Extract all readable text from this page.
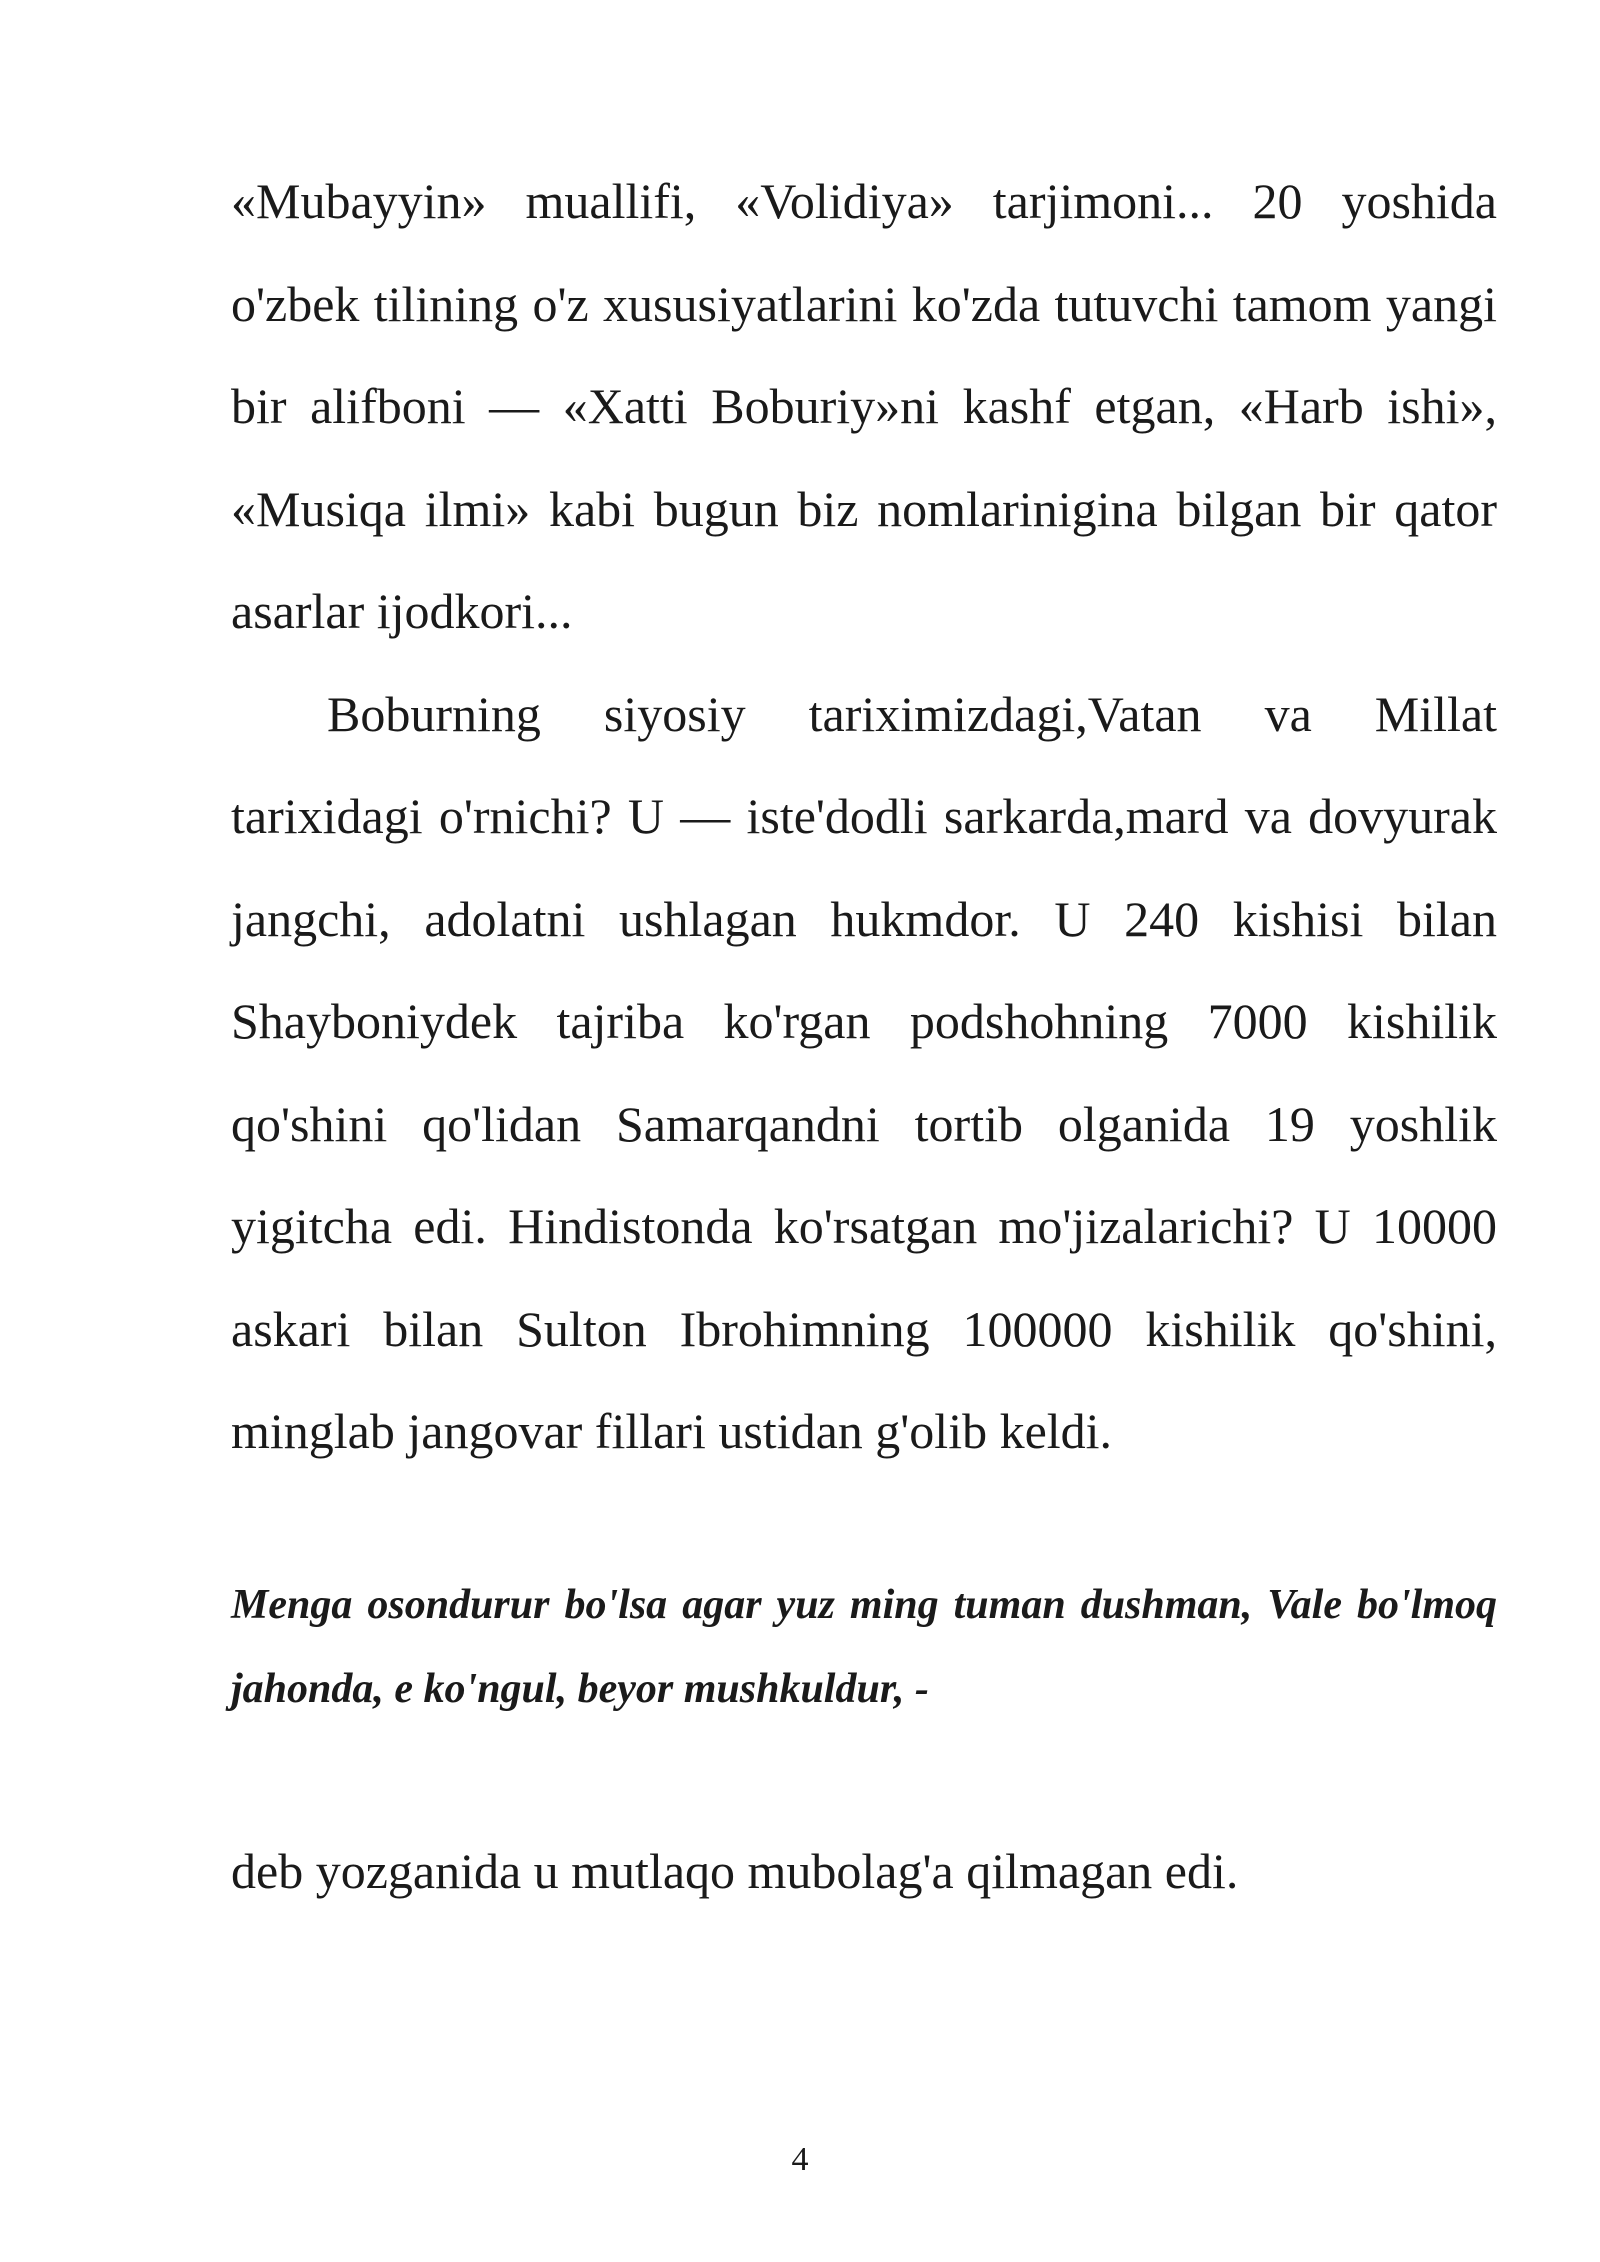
«Mubayyin» muallifi, «Volidiya» tarjimoni... 20 yoshida o'zbek tilining o'z xususiyatlarini ko'zda tutuvchi tamom yangi bir alifboni — «Xatti Boburiy»ni kashf etgan, «Harb ishi», «Musiqa ilmi» kabi bugun biz nomlarinigina bilgan bir qator asarlar ijodkori...

Boburning siyosiy tariximizdagi,Vatan va Millat tarixidagi o'rnichi? U — iste'dodli sarkarda,mard va dovyurak jangchi, adolatni ushlagan hukmdor. U 240 kishisi bilan Shayboniydek tajriba ko'rgan podshohning 7000 kishilik qo'shini qo'lidan Samarqandni tortib olganida 19 yoshlik yigitcha edi. Hindistonda ko'rsatgan mo'jizalarichi? U 10000 askari bilan Sulton Ibrohimning 100000 kishilik qo'shini, minglab jangovar fillari ustidan g'olib keldi.

Menga osondurur bo'lsa agar yuz ming tuman dushman, Vale bo'lmoq jahonda, e ko'ngul, beyor mushkuldur, -

deb yozganida u mutlaqo mubolag'a qilmagan edi.

4
